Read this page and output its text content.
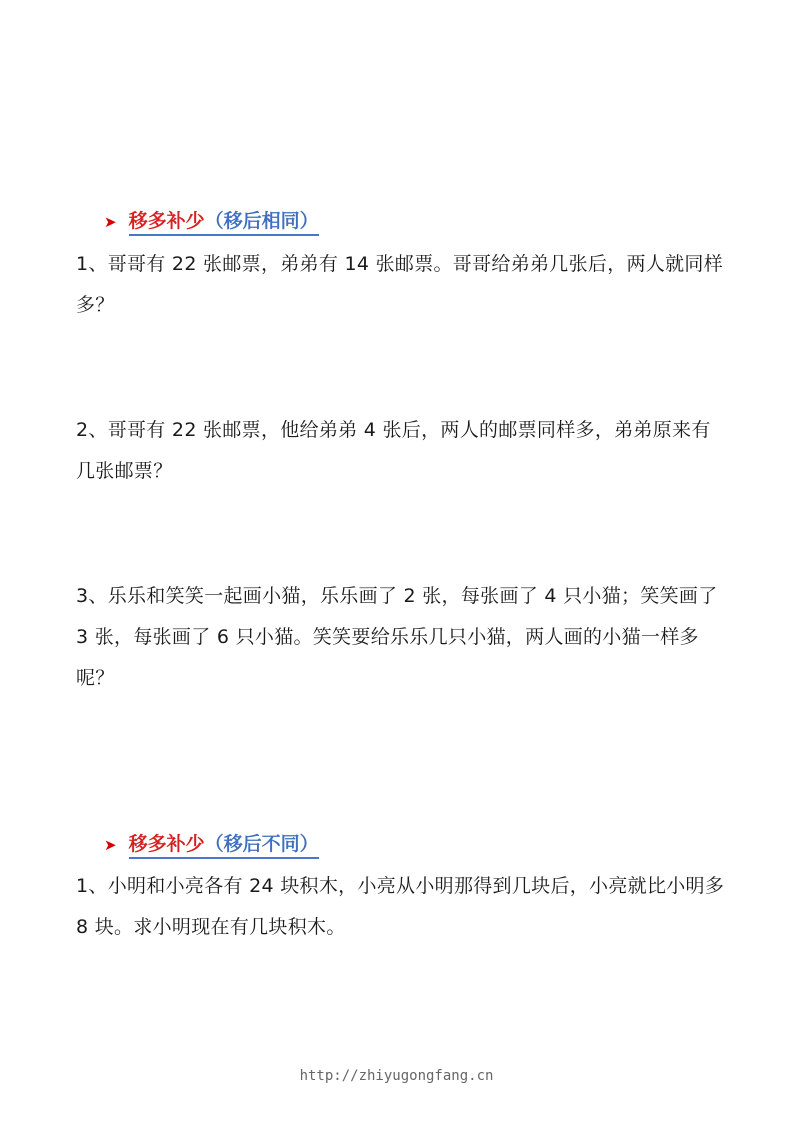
➤ 移多补少（移后相同）

1、哥哥有 22 张邮票，弟弟有 14 张邮票。哥哥给弟弟几张后，两人就同样多？

2、哥哥有 22 张邮票，他给弟弟 4 张后，两人的邮票同样多，弟弟原来有几张邮票？

3、乐乐和笑笑一起画小猫，乐乐画了 2 张，每张画了 4 只小猫；笑笑画了 3 张，每张画了 6 只小猫。笑笑要给乐乐几只小猫，两人画的小猫一样多呢？

➤ 移多补少（移后不同）

1、小明和小亮各有 24 块积木，小亮从小明那得到几块后，小亮就比小明多 8 块。求小明现在有几块积木。

http://zhiyugongfang.cn
